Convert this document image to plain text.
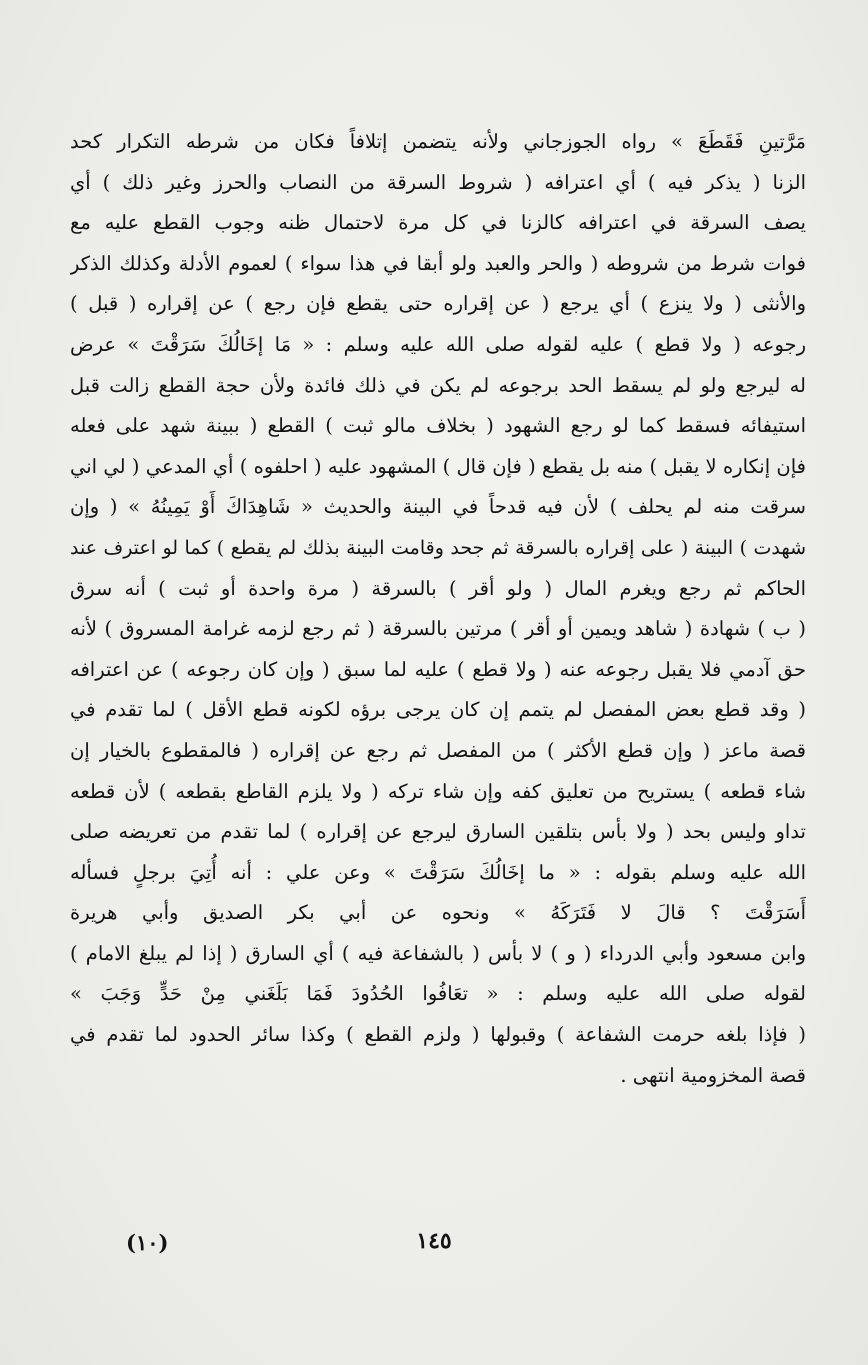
مَرَّتينِ فَقَطَعَ » رواه الجوزجاني ولأنه يتضمن إتلافاً فكان من شرطه التكرار كحد
الزنا ( يذكر فيه ) أي اعترافه ( شروط السرقة من النصاب والحرز وغير ذلك ) أي
يصف السرقة في اعترافه كالزنا في كل مرة لاحتمال ظنه وجوب القطع عليه مع
فوات شرط من شروطه ( والحر والعبد ولو أبقا في هذا سواء ) لعموم الأدلة وكذلك الذكر
والأنثى ( ولا ينزع ) أي يرجع ( عن إقراره حتى يقطع فإن رجع ) عن إقراره ( قبل )
رجوعه ( ولا قطع ) عليه لقوله صلى الله عليه وسلم : « مَا إخَالُكَ سَرَقْتَ » عرض
له ليرجع ولو لم يسقط الحد برجوعه لم يكن في ذلك فائدة ولأن حجة القطع زالت قبل
استيفائه فسقط كما لو رجع الشهود ( بخلاف مالو ثبت ) القطع ( ببينة شهد على فعله
فإن إنكاره لا يقبل ) منه بل يقطع ( فإن قال ) المشهود عليه ( احلفوه ) أي المدعي ( لي اني
سرقت منه لم يحلف ) لأن فيه قدحاً في البينة والحديث « شَاهِدَاكَ أَوْ يَمِينُهُ » ( وإن
شهدت ) البينة ( على إقراره بالسرقة ثم جحد وقامت البينة بذلك لم يقطع ) كما لو اعترف عند
الحاكم ثم رجع ويغرم المال ( ولو أقر ) بالسرقة ( مرة واحدة أو ثبت ) أنه سرق
( ب ) شهادة ( شاهد ويمين أو أقر ) مرتين بالسرقة ( ثم رجع لزمه غرامة المسروق ) لأنه
حق آدمي فلا يقبل رجوعه عنه ( ولا قطع ) عليه لما سبق ( وإن كان رجوعه ) عن اعترافه
( وقد قطع بعض المفصل لم يتمم إن كان يرجى برؤه لكونه قطع الأقل ) لما تقدم في
قصة ماعز ( وإن قطع الأكثر ) من المفصل ثم رجع عن إقراره ( فالمقطوع بالخيار إن
شاء قطعه ) يستريح من تعليق كفه وإن شاء تركه ( ولا يلزم القاطع بقطعه ) لأن قطعه
تداو وليس بحد ( ولا بأس بتلقين السارق ليرجع عن إقراره ) لما تقدم من تعريضه صلى
الله عليه وسلم بقوله : « ما إخَالُكَ سَرَقْتَ » وعن علي : أنه أُتِيَ برجلٍ فسأله
أَسَرَقْتَ ؟ قالَ لا فَتَرَكَهُ » ونحوه عن أبي بكر الصديق وأبي هريرة
وابن مسعود وأبي الدرداء ( و ) لا بأس ( بالشفاعة فيه ) أي السارق ( إذا لم يبلغ الامام )
لقوله صلى الله عليه وسلم : « تعَافُوا الحُدُودَ فَمَا بَلَغَني مِنْ حَدٍّ وَجَبَ »
( فإذا بلغه حرمت الشفاعة ) وقبولها ( ولزم القطع ) وكذا سائر الحدود لما تقدم في
قصة المخزومية انتهى .
١٤٥
(١٠)
